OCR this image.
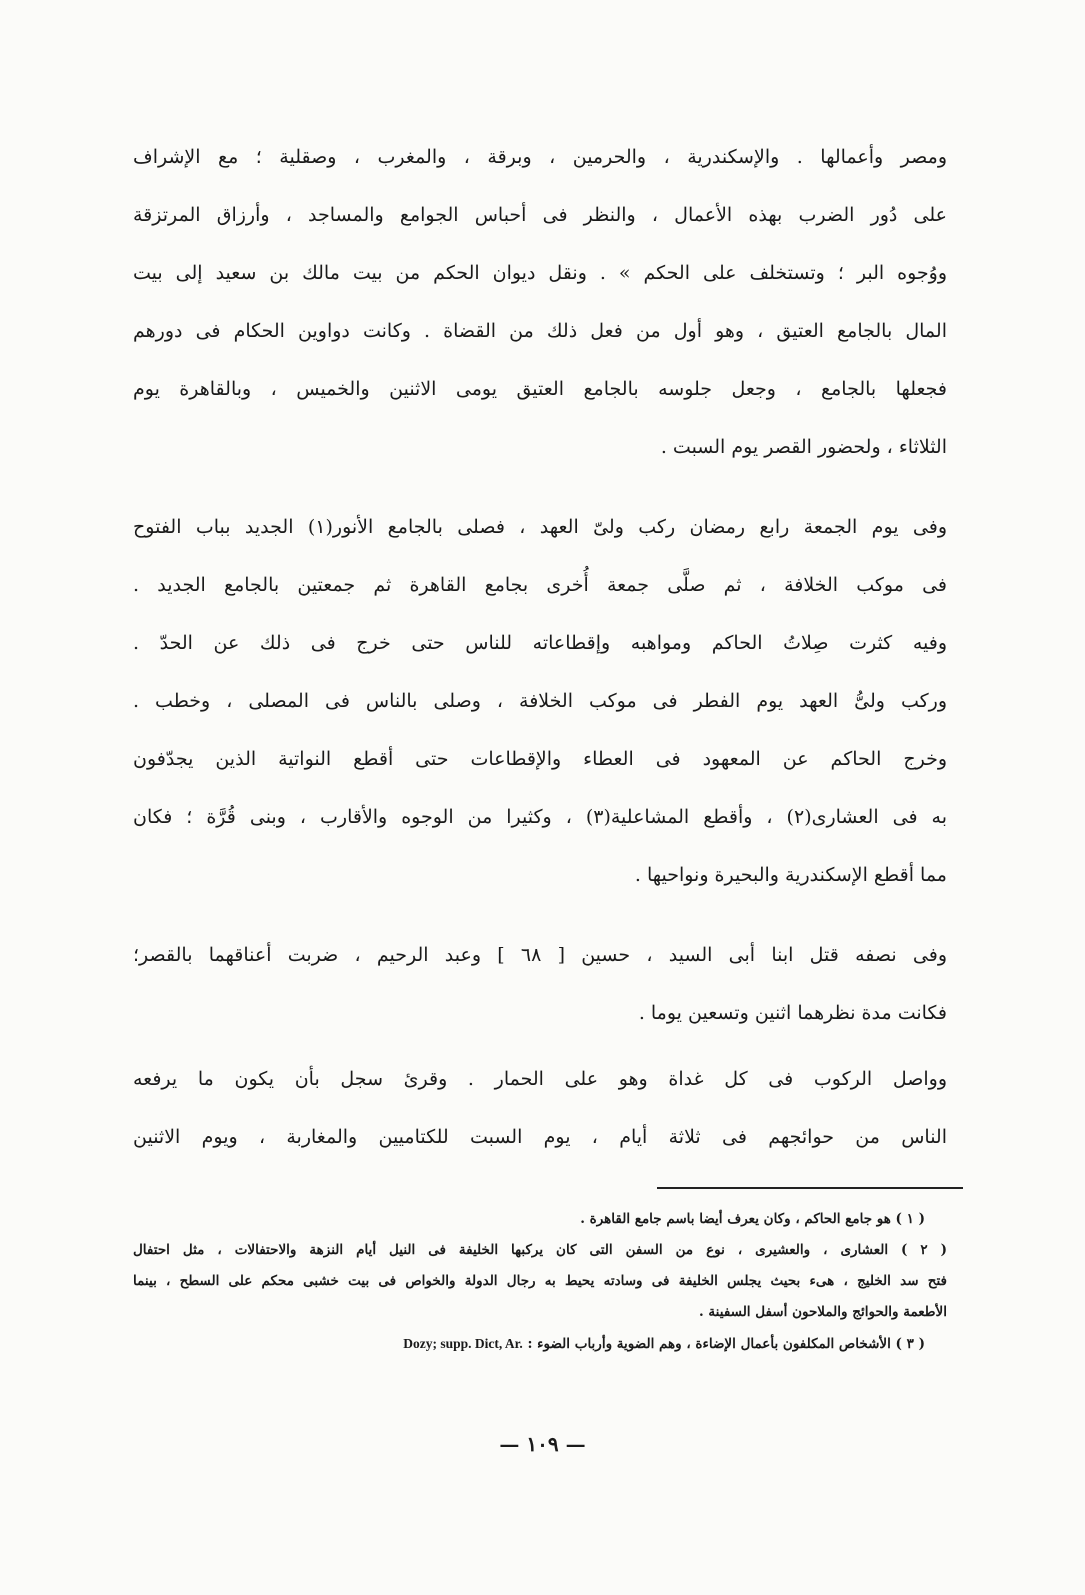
ومصر وأعمالها . والإسكندرية ، والحرمين ، وبرقة ، والمغرب ، وصقلية ؛ مع الإشراف
على دُور الضرب بهذه الأعمال ، والنظر فى أحباس الجوامع والمساجد ، وأرزاق المرتزقة
ووُجوه البر ؛ وتستخلف على الحكم » . ونقل ديوان الحكم من بيت مالك بن سعيد إلى بيت
المال بالجامع العتيق ، وهو أول من فعل ذلك من القضاة . وكانت دواوين الحكام فى دورهم
فجعلها بالجامع ، وجعل جلوسه بالجامع العتيق يومى الاثنين والخميس ، وبالقاهرة يوم
الثلاثاء ، ولحضور القصر يوم السبت .
وفى يوم الجمعة رابع رمضان ركب ولىّ العهد ، فصلى بالجامع الأنور(١) الجديد بباب الفتوح
فى موكب الخلافة ، ثم صلَّى جمعة أُخرى بجامع القاهرة ثم جمعتين بالجامع الجديد .
وفيه كثرت صِلاتُ الحاكم ومواهبه وإقطاعاته للناس حتى خرج فى ذلك عن الحدّ .
وركب ولىُّ العهد يوم الفطر فى موكب الخلافة ، وصلى بالناس فى المصلى ، وخطب .
وخرج الحاكم عن المعهود فى العطاء والإقطاعات حتى أقطع النواتية الذين يجدّفون
به فى العشارى(٢) ، وأقطع المشاعلية(٣) ، وكثيرا من الوجوه والأقارب ، وبنى قُرَّة ؛ فكان
مما أقطع الإسكندرية والبحيرة ونواحيها .
وفى نصفه قتل ابنا أبى السيد ، حسين [ ٦٨ ] وعبد الرحيم ، ضربت أعناقهما بالقصر؛
فكانت مدة نظرهما اثنين وتسعين يوما .
وواصل الركوب فى كل غداة وهو على الحمار . وقرئ سجل بأن يكون ما يرفعه
الناس من حوائجهم فى ثلاثة أيام ، يوم السبت للكتاميين والمغاربة ، ويوم الاثنين
( ١ ) هو جامع الحاكم ، وكان يعرف أيضا باسم جامع القاهرة .
( ٢ ) العشارى ، والعشيرى ، نوع من السفن التى كان يركبها الخليفة فى النيل أيام النزهة والاحتفالات ، مثل احتفال
فتح سد الخليج ، هىء بحيث يجلس الخليفة فى وسادته يحيط به رجال الدولة والخواص فى بيت خشبى محكم على السطح ، بينما
الأطعمة والحوائج والملاحون أسفل السفينة .
( ٣ ) الأشخاص المكلفون بأعمال الإضاءة ، وهم الضوية وأرباب الضوء : Dozy; supp. Dict, Ar.
— ١٠٩ —
